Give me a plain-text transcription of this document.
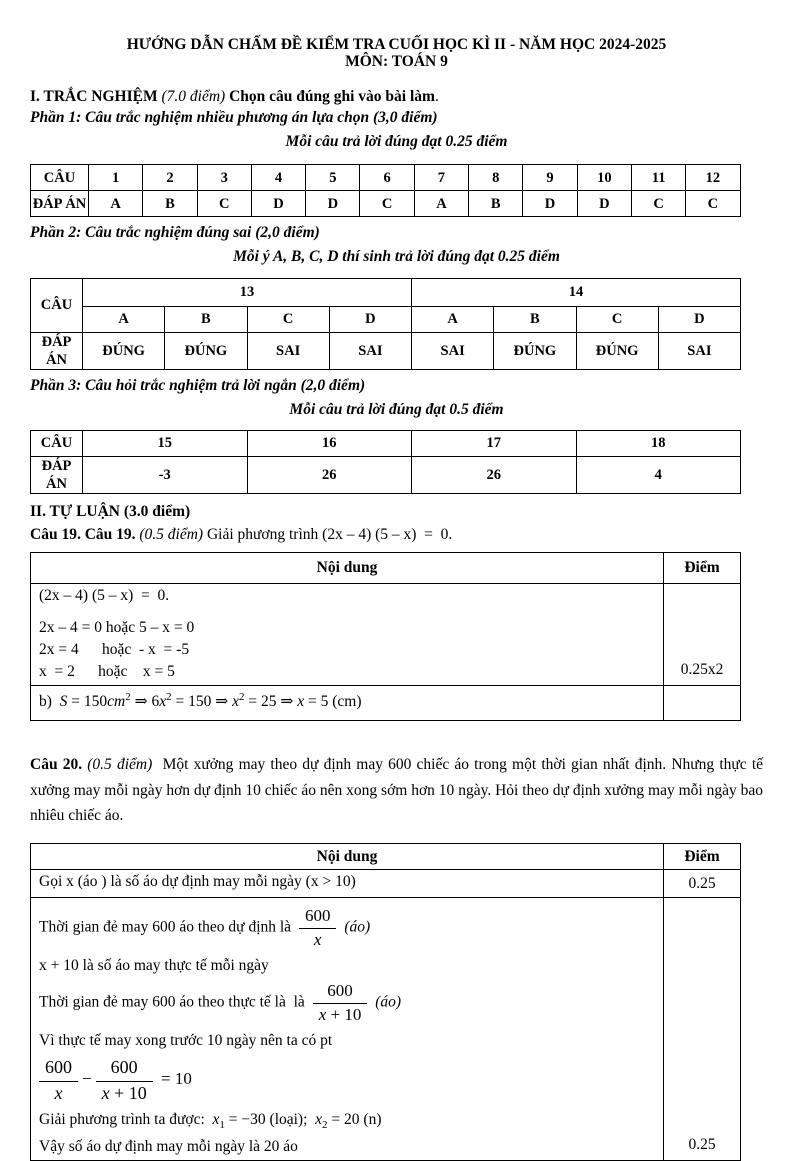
HƯỚNG DẪN CHẤM ĐỀ KIỂM TRA CUỐI HỌC KÌ II - NĂM HỌC 2024-2025
MÔN: TOÁN 9
I. TRẮC NGHIỆM (7.0 điểm) Chọn câu đúng ghi vào bài làm.
Phần 1: Câu trắc nghiệm nhiều phương án lựa chọn (3,0 điểm)
Mỗi câu trả lời đúng đạt 0.25 điểm
CÂU	1	2	3	4	5	6	7	8	9	10	11	12
ĐÁP ÁN	A	B	C	D	D	C	A	B	D	D	C	C
Phần 2: Câu trắc nghiệm đúng sai (2,0 điểm)
Mỗi ý A, B, C, D thí sinh trả lời đúng đạt 0.25 điểm
CÂU	13				14			
	A	B	C	D	A	B	C	D
ĐÁP ÁN	ĐÚNG	ĐÚNG	SAI	SAI	SAI	ĐÚNG	ĐÚNG	SAI
Phần 3: Câu hỏi trắc nghiệm trả lời ngắn (2,0 điểm)
Mỗi câu trả lời đúng đạt 0.5 điểm
CÂU	15	16	17	18
ĐÁP ÁN	-3	26	26	4
II. TỰ LUẬN (3.0 điểm)
Câu 19. Câu 19. (0.5 điểm) Giải phương trình (2x – 4) (5 – x)  =  0.
Nội dung	Điểm

(2x – 4) (5 – x)  =  0.
2x – 4 = 0 hoặc 5 – x = 0
2x = 4      hoặc  - x  = -5
x  = 2      hoặc    x = 5	0.25x2

b)  $S = 150cm^2$ ⇒ $6x^2 = 150$ ⇒ $x^2 = 25$ ⇒ x = 5 (cm)	

Câu 20. (0.5 điểm)  Một xưởng may theo dự định may 600 chiếc áo trong một thời gian nhất định. Nhưng thực tế xưởng may mỗi ngày hơn dự định 10 chiếc áo nên xong sớm hơn 10 ngày. Hỏi theo dự định xưởng may mỗi ngày bao nhiêu chiếc áo.
Nội dung	Điểm

Gọi x (áo ) là số áo dự định may mỗi ngày (x > 10)	0.25

Thời gian đẻ may 600 áo theo dự định là $\frac{600}{x}$ (áo)
x + 10 là số áo may thực tế mỗi ngày
Thời gian đẻ may 600 áo theo thực tế là  là $\frac{600}{x + 10}$ (áo)
Vì thực tế may xong trước 10 ngày nên ta có pt
$\frac{600}{x} - \frac{600}{x + 10} = 10$
Giải phương trình ta được:  $x_1 = -30$ (loại);  $x_2 = 20$ (n)
Vậy số áo dự định may mỗi ngày là 20 áo	0.25
